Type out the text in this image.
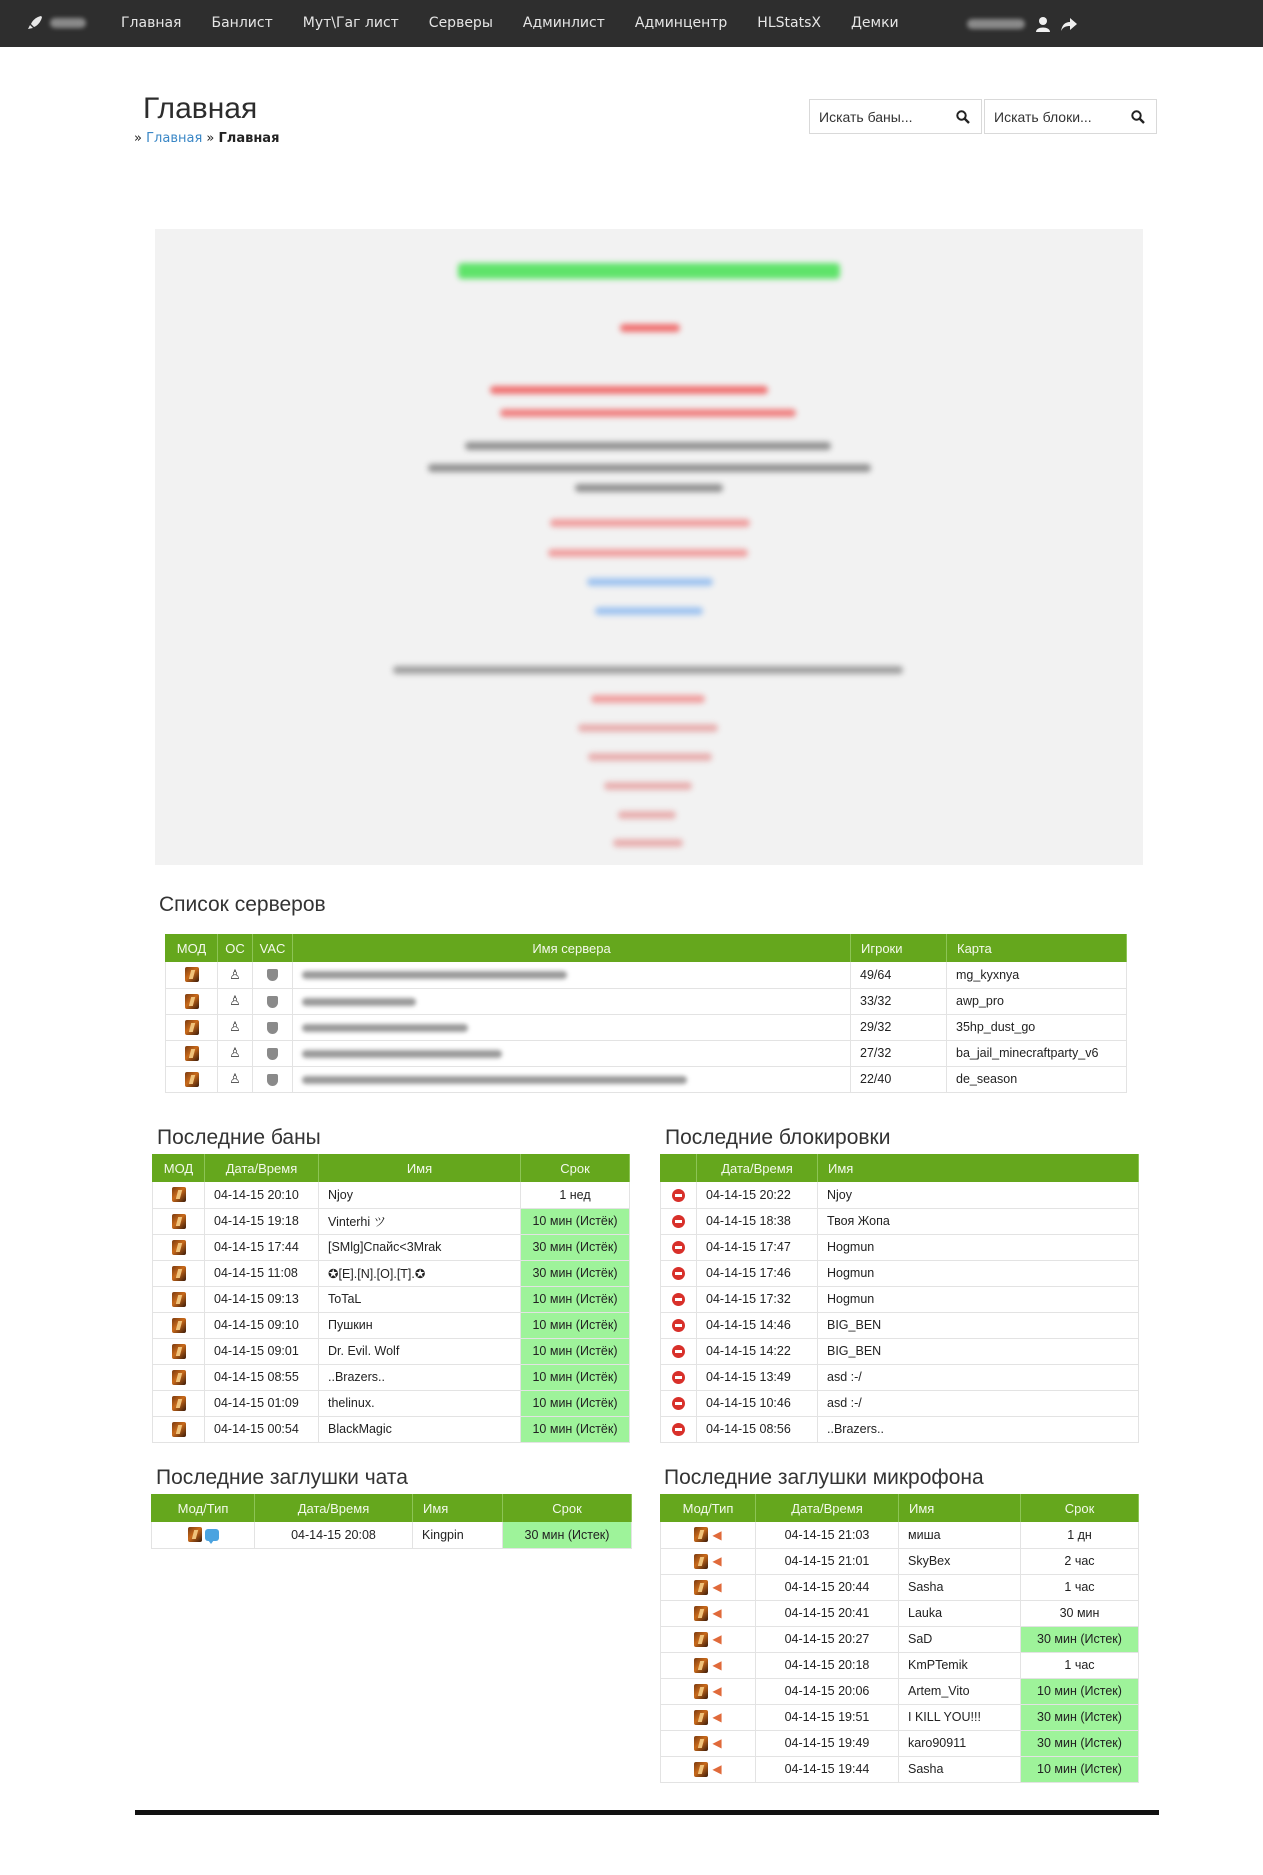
Главная	Банлист	Мут\Гаг лист	Серверы	Админлист	Админцентр	HLStatsX	Демки
Главная
» Главная » Главная
Искать баны...
Искать блоки...
Список серверов
МОД	ОС	VAC	Имя сервера	Игроки	Карта
	♙			49/64	mg_kyxnya
	♙			33/32	awp_pro
	♙			29/32	35hp_dust_go
	♙			27/32	ba_jail_minecraftparty_v6
	♙			22/40	de_season
Последние баны
МОД	Дата/Время	Имя	Срок
	04-14-15 20:10	Njoy	1 нед
	04-14-15 19:18	Vinterhi ツ	10 мин (Истёк)
	04-14-15 17:44	[SMlg]Спайс<3Mrak	30 мин (Истёк)
	04-14-15 11:08	✪[E].[N].[O].[T].✪	30 мин (Истёк)
	04-14-15 09:13	ToTaL	10 мин (Истёк)
	04-14-15 09:10	Пушкин	10 мин (Истёк)
	04-14-15 09:01	Dr. Evil. Wolf	10 мин (Истёк)
	04-14-15 08:55	..Brazers..	10 мин (Истёк)
	04-14-15 01:09	thelinux.	10 мин (Истёк)
	04-14-15 00:54	BlackMagic	10 мин (Истёк)
Последние блокировки
	Дата/Время	Имя
	04-14-15 20:22	Njoy
	04-14-15 18:38	Твоя Жопа
	04-14-15 17:47	Hogmun
	04-14-15 17:46	Hogmun
	04-14-15 17:32	Hogmun
	04-14-15 14:46	BIG_BEN
	04-14-15 14:22	BIG_BEN
	04-14-15 13:49	asd :-/
	04-14-15 10:46	asd :-/
	04-14-15 08:56	..Brazers..
Последние заглушки чата
Мод/Тип	Дата/Время	Имя	Срок
	04-14-15 20:08	Kingpin	30 мин (Истек)
Последние заглушки микрофона
Мод/Тип	Дата/Время	Имя	Срок
◀	04-14-15 21:03	миша	1 дн
◀	04-14-15 21:01	SkyBex	2 час
◀	04-14-15 20:44	Sasha	1 час
◀	04-14-15 20:41	Lauka	30 мин
◀	04-14-15 20:27	SaD	30 мин (Истек)
◀	04-14-15 20:18	KmPTemik	1 час
◀	04-14-15 20:06	Artem_Vito	10 мин (Истек)
◀	04-14-15 19:51	I KILL YOU!!!	30 мин (Истек)
◀	04-14-15 19:49	karo90911	30 мин (Истек)
◀	04-14-15 19:44	Sasha	10 мин (Истек)
